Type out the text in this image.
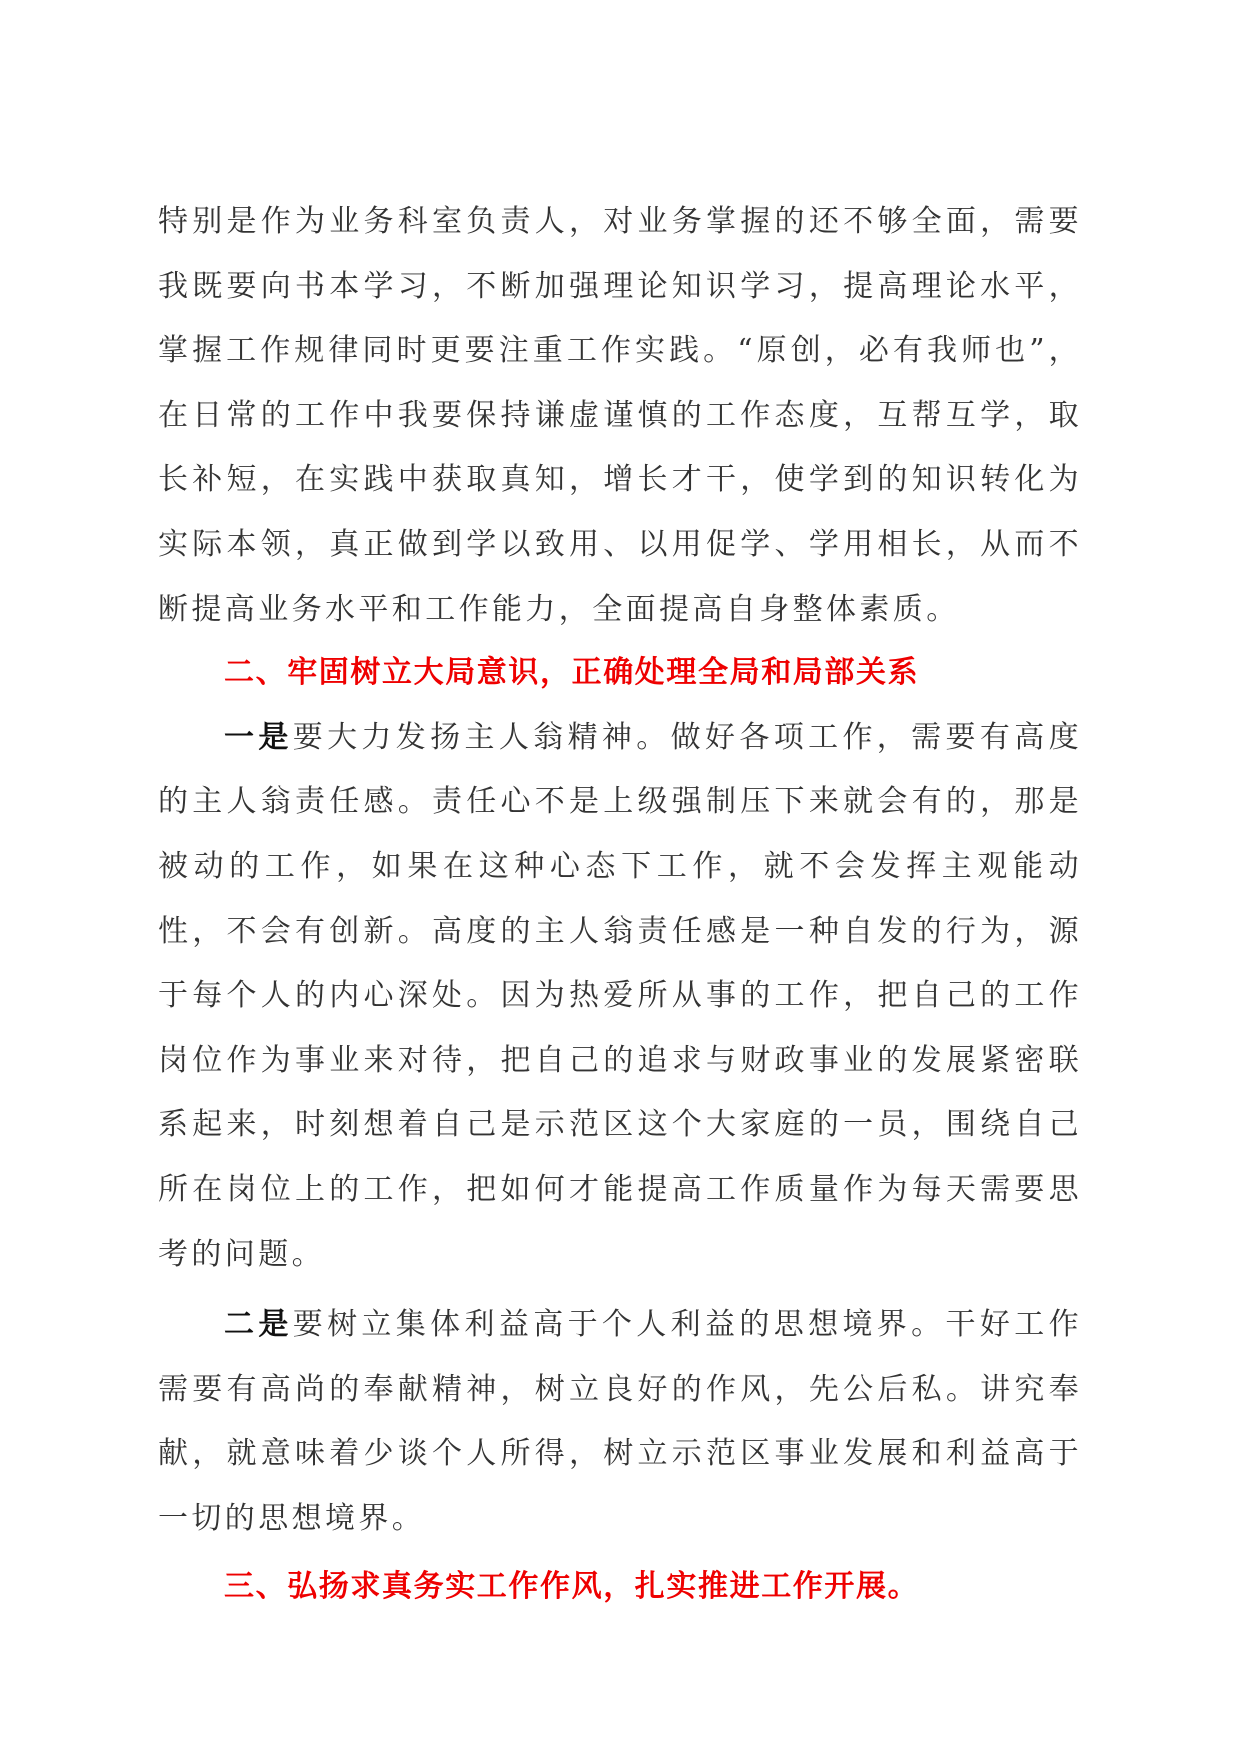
特别是作为业务科室负责人，对业务掌握的还不够全面，需要我既要向书本学习，不断加强理论知识学习，提高理论水平，掌握工作规律同时更要注重工作实践。“原创，必有我师也”，在日常的工作中我要保持谦虚谨慎的工作态度，互帮互学，取长补短，在实践中获取真知，增长才干，使学到的知识转化为实际本领，真正做到学以致用、以用促学、学用相长，从而不断提高业务水平和工作能力，全面提高自身整体素质。

二、牢固树立大局意识，正确处理全局和局部关系

一是要大力发扬主人翁精神。做好各项工作，需要有高度的主人翁责任感。责任心不是上级强制压下来就会有的，那是被动的工作，如果在这种心态下工作，就不会发挥主观能动性，不会有创新。高度的主人翁责任感是一种自发的行为，源于每个人的内心深处。因为热爱所从事的工作，把自己的工作岗位作为事业来对待，把自己的追求与财政事业的发展紧密联系起来，时刻想着自己是示范区这个大家庭的一员，围绕自己所在岗位上的工作，把如何才能提高工作质量作为每天需要思考的问题。

二是要树立集体利益高于个人利益的思想境界。干好工作需要有高尚的奉献精神，树立良好的作风，先公后私。讲究奉献，就意味着少谈个人所得，树立示范区事业发展和利益高于一切的思想境界。

三、弘扬求真务实工作作风，扎实推进工作开展。
